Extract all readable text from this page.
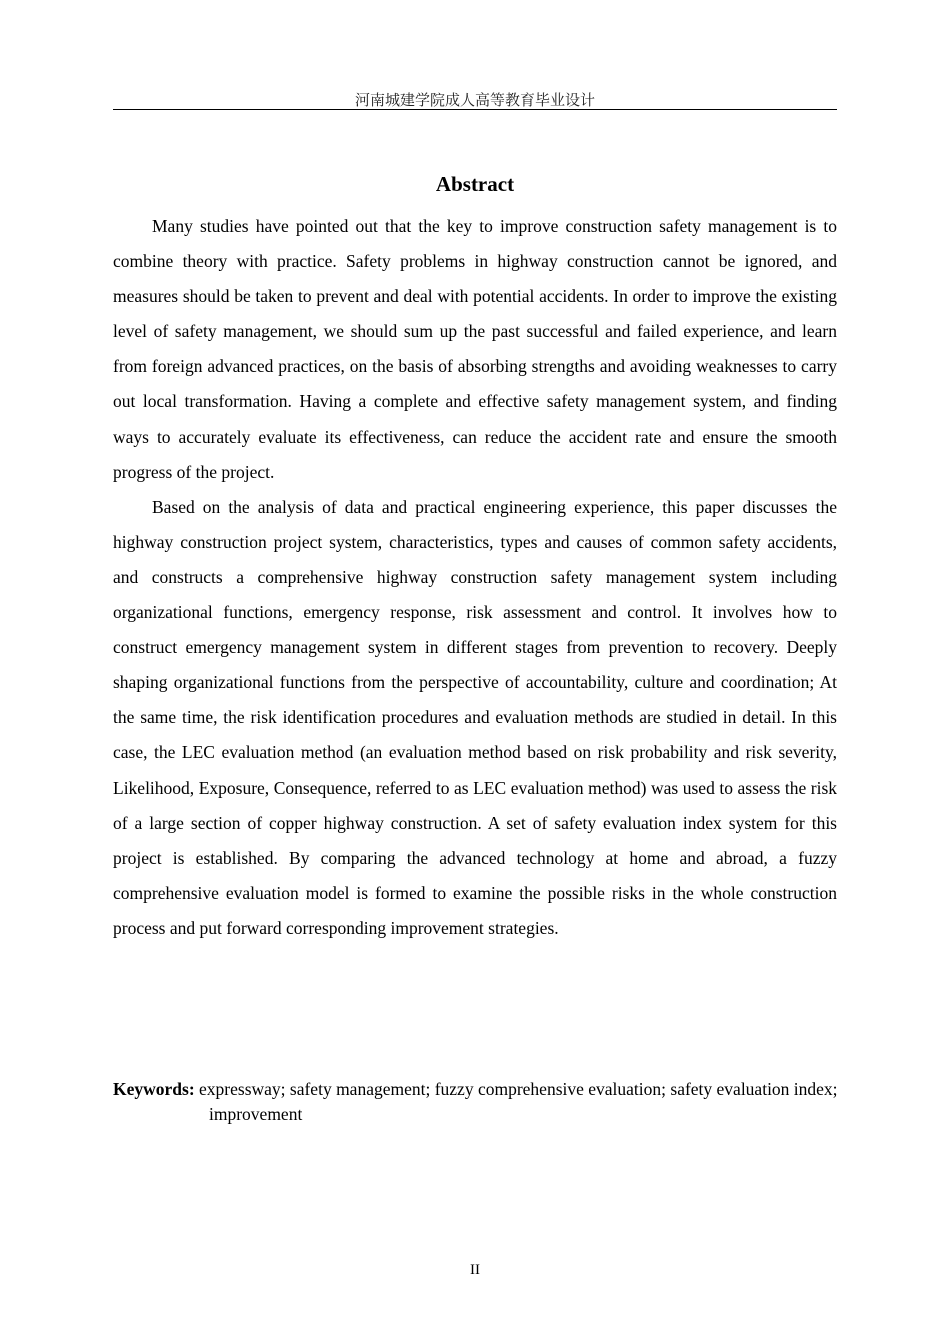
河南城建学院成人高等教育毕业设计
Abstract

Many studies have pointed out that the key to improve construction safety management is to combine theory with practice. Safety problems in highway construction cannot be ignored, and measures should be taken to prevent and deal with potential accidents. In order to improve the existing level of safety management, we should sum up the past successful and failed experience, and learn from foreign advanced practices, on the basis of absorbing strengths and avoiding weaknesses to carry out local transformation. Having a complete and effective safety management system, and finding ways to accurately evaluate its effectiveness, can reduce the accident rate and ensure the smooth progress of the project.

Based on the analysis of data and practical engineering experience, this paper discusses the highway construction project system, characteristics, types and causes of common safety accidents, and constructs a comprehensive highway construction safety management system including organizational functions, emergency response, risk assessment and control. It involves how to construct emergency management system in different stages from prevention to recovery. Deeply shaping organizational functions from the perspective of accountability, culture and coordination; At the same time, the risk identification procedures and evaluation methods are studied in detail. In this case, the LEC evaluation method (an evaluation method based on risk probability and risk severity, Likelihood, Exposure, Consequence, referred to as LEC evaluation method) was used to assess the risk of a large section of copper highway construction. A set of safety evaluation index system for this project is established. By comparing the advanced technology at home and abroad, a fuzzy comprehensive evaluation model is formed to examine the possible risks in the whole construction process and put forward corresponding improvement strategies.

Keywords: expressway; safety management; fuzzy comprehensive evaluation; safety evaluation index; improvement
II
